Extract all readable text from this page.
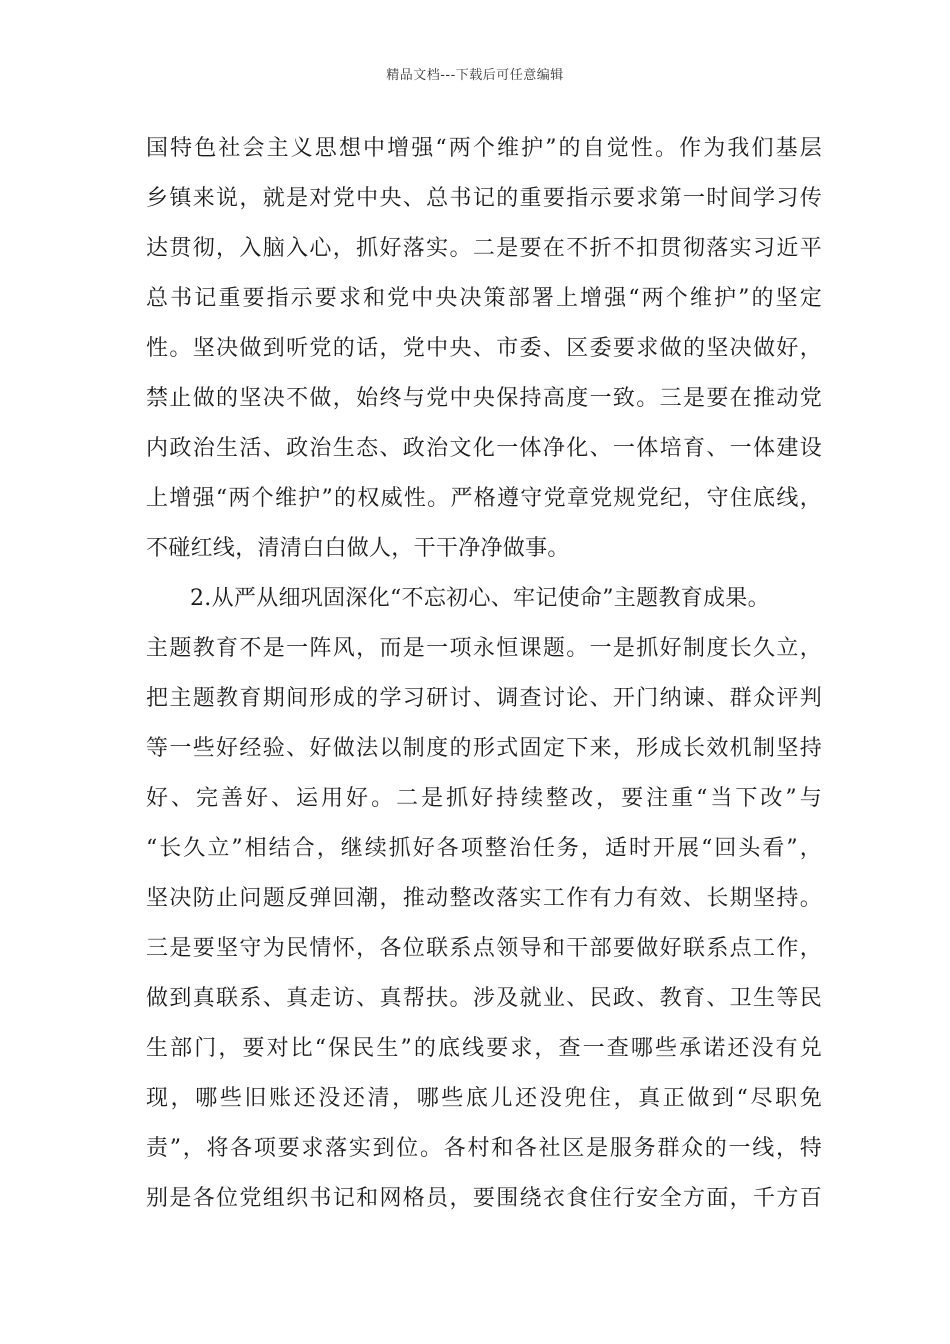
精品文档---下载后可任意编辑
国特色社会主义思想中增强“两个维护”的自觉性。作为我们基层
乡镇来说，就是对党中央、总书记的重要指示要求第一时间学习传
达贯彻，入脑入心，抓好落实。二是要在不折不扣贯彻落实习近平
总书记重要指示要求和党中央决策部署上增强“两个维护”的坚定
性。坚决做到听党的话，党中央、市委、区委要求做的坚决做好，
禁止做的坚决不做，始终与党中央保持高度一致。三是要在推动党
内政治生活、政治生态、政治文化一体净化、一体培育、一体建设
上增强“两个维护”的权威性。严格遵守党章党规党纪，守住底线，
不碰红线，清清白白做人，干干净净做事。
2.从严从细巩固深化“不忘初心、牢记使命”主题教育成果。
主题教育不是一阵风，而是一项永恒课题。一是抓好制度长久立，
把主题教育期间形成的学习研讨、调查讨论、开门纳谏、群众评判
等一些好经验、好做法以制度的形式固定下来，形成长效机制坚持
好、完善好、运用好。二是抓好持续整改，要注重“当下改”与
“长久立”相结合，继续抓好各项整治任务，适时开展“回头看”，
坚决防止问题反弹回潮，推动整改落实工作有力有效、长期坚持。
三是要坚守为民情怀，各位联系点领导和干部要做好联系点工作，
做到真联系、真走访、真帮扶。涉及就业、民政、教育、卫生等民
生部门，要对比“保民生”的底线要求，查一查哪些承诺还没有兑
现，哪些旧账还没还清，哪些底儿还没兜住，真正做到“尽职免
责”，将各项要求落实到位。各村和各社区是服务群众的一线，特
别是各位党组织书记和网格员，要围绕衣食住行安全方面，千方百
